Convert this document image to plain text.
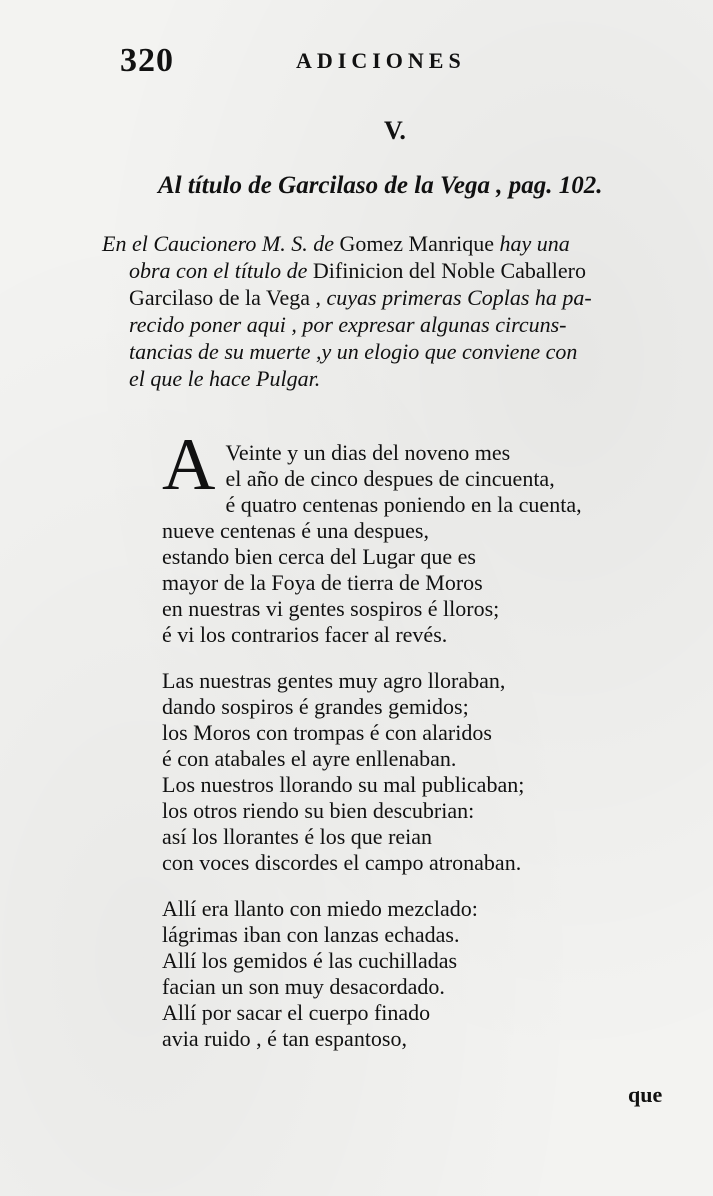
320	ADICIONES
V.
Al título de Garcilaso de la Vega , pag. 102.
En el Caucionero M. S. de Gomez Manrique hay una
obra con el título de Difinicion del Noble Caballero
Garcilaso de la Vega , cuyas primeras Coplas ha pa-
recido poner aqui , por expresar algunas circuns-
tancias de su muerte ,y un elogio que conviene con
el que le hace Pulgar.
A Veinte y un dias del noveno mes
el año de cinco despues de cincuenta,
é quatro centenas poniendo en la cuenta,
nueve centenas é una despues,
estando bien cerca del Lugar que es
mayor de la Foya de tierra de Moros
en nuestras vi gentes sospiros é lloros;
é vi los contrarios facer al revés.
Las nuestras gentes muy agro lloraban,
dando sospiros é grandes gemidos;
los Moros con trompas é con alaridos
é con atabales el ayre enllenaban.
Los nuestros llorando su mal publicaban;
los otros riendo su bien descubrian:
así los llorantes é los que reian
con voces discordes el campo atronaban.
Allí era llanto con miedo mezclado:
lágrimas iban con lanzas echadas.
Allí los gemidos é las cuchilladas
facian un son muy desacordado.
Allí por sacar el cuerpo finado
avia ruido , é tan espantoso,
que
